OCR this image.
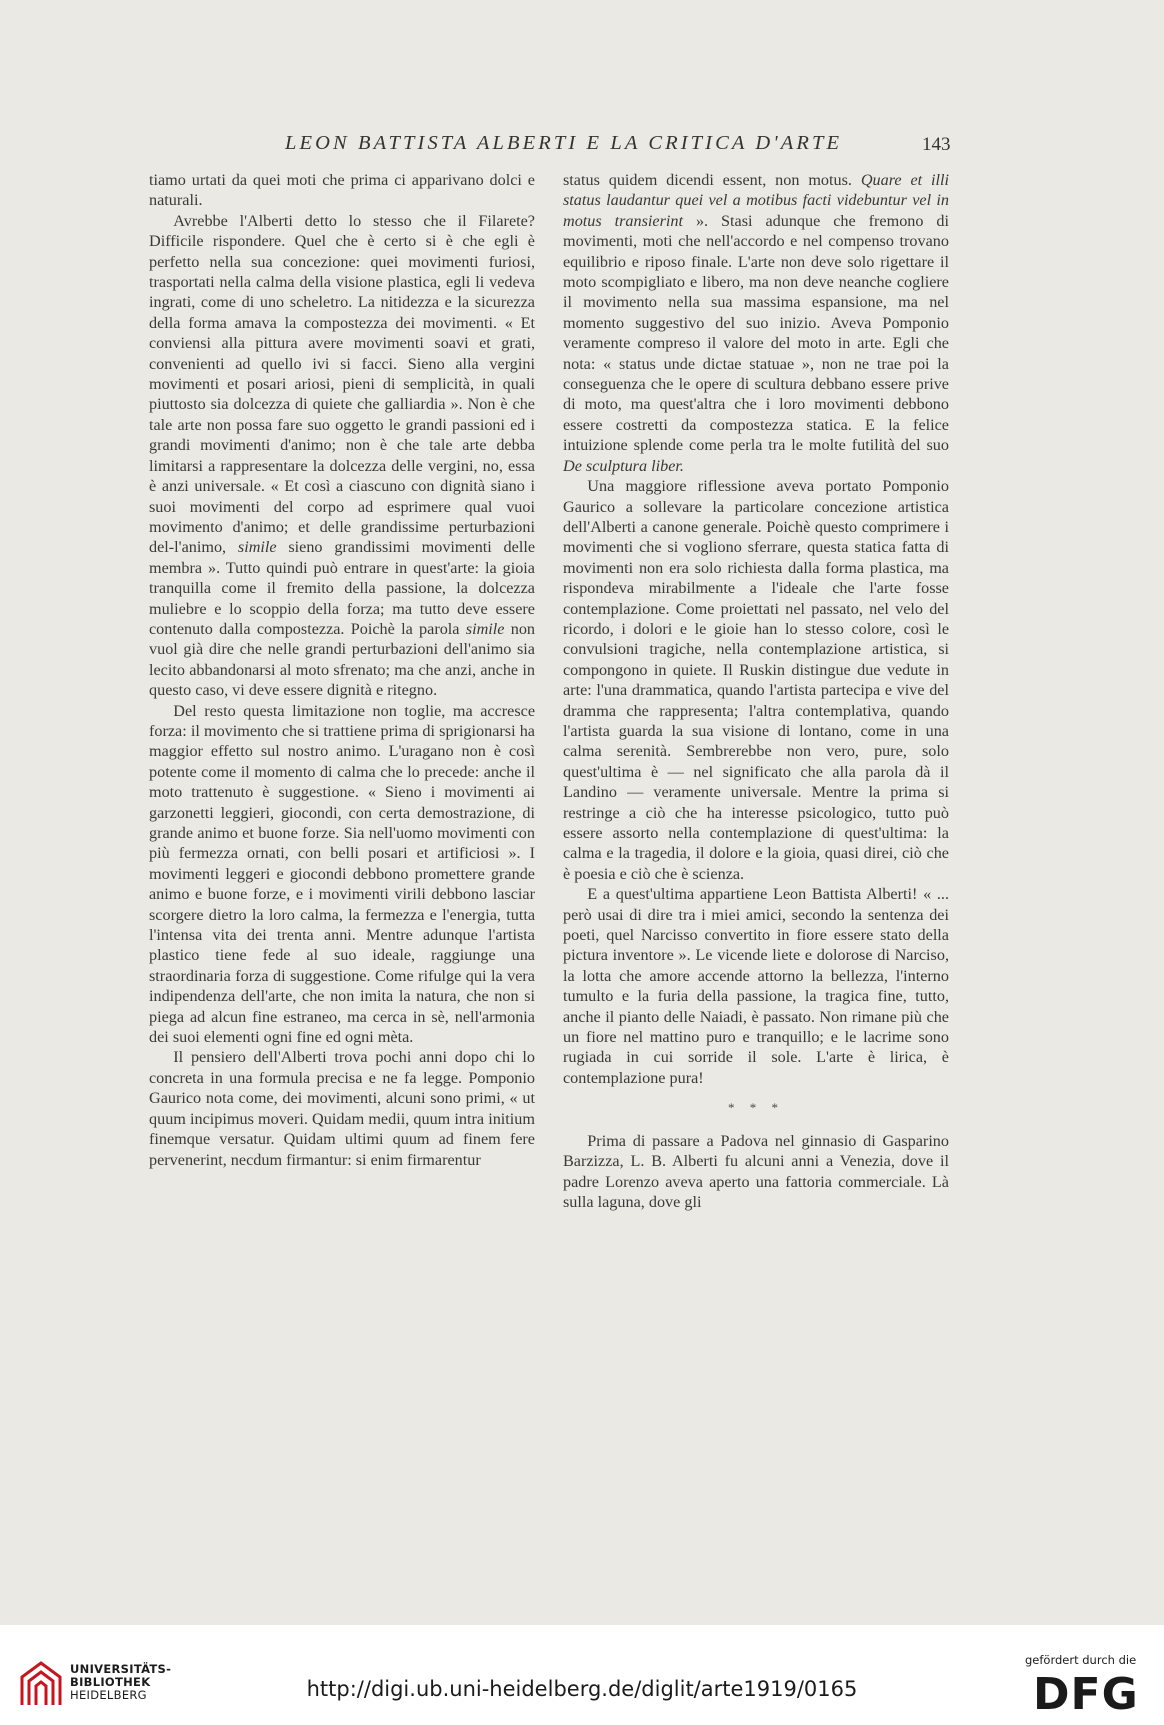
LEON BATTISTA ALBERTI E LA CRITICA D'ARTE	143

tiamo urtati da quei moti che prima ci apparivano dolci e naturali.

Avrebbe l'Alberti detto lo stesso che il Filarete? Difficile rispondere. Quel che è certo si è che egli è perfetto nella sua concezione: quei movimenti furiosi, trasportati nella calma della visione plastica, egli li vedeva ingrati, come di uno scheletro. La nitidezza e la sicurezza della forma amava la compostezza dei movimenti. « Et conviensi alla pittura avere movimenti soavi et grati, convenienti ad quello ivi si facci. Sieno alla vergini movimenti et posari ariosi, pieni di semplicità, in quali piuttosto sia dolcezza di quiete che galliardia ». Non è che tale arte non possa fare suo oggetto le grandi passioni ed i grandi movimenti d'animo; non è che tale arte debba limitarsi a rappresentare la dolcezza delle vergini, no, essa è anzi universale. « Et così a ciascuno con dignità siano i suoi movimenti del corpo ad esprimere qual vuoi movimento d'animo; et delle grandissime perturbazioni del-l'animo, simile sieno grandissimi movimenti delle membra ». Tutto quindi può entrare in quest'arte: la gioia tranquilla come il fremito della passione, la dolcezza muliebre e lo scoppio della forza; ma tutto deve essere contenuto dalla compostezza. Poichè la parola simile non vuol già dire che nelle grandi perturbazioni dell'animo sia lecito abbandonarsi al moto sfrenato; ma che anzi, anche in questo caso, vi deve essere dignità e ritegno.

Del resto questa limitazione non toglie, ma accresce forza: il movimento che si trattiene prima di sprigionarsi ha maggior effetto sul nostro animo. L'uragano non è così potente come il momento di calma che lo precede: anche il moto trattenuto è suggestione. « Sieno i movimenti ai garzonetti leggieri, giocondi, con certa demostrazione, di grande animo et buone forze. Sia nell'uomo movimenti con più fermezza ornati, con belli posari et artificiosi ». I movimenti leggeri e giocondi debbono promettere grande animo e buone forze, e i movimenti virili debbono lasciar scorgere dietro la loro calma, la fermezza e l'energia, tutta l'intensa vita dei trenta anni. Mentre adunque l'artista plastico tiene fede al suo ideale, raggiunge una straordinaria forza di suggestione. Come rifulge qui la vera indipendenza dell'arte, che non imita la natura, che non si piega ad alcun fine estraneo, ma cerca in sè, nell'armonia dei suoi elementi ogni fine ed ogni mèta.

Il pensiero dell'Alberti trova pochi anni dopo chi lo concreta in una formula precisa e ne fa legge. Pomponio Gaurico nota come, dei movimenti, alcuni sono primi, « ut quum incipimus moveri. Quidam medii, quum intra initium finemque versatur. Quidam ultimi quum ad finem fere pervenerint, necdum firmantur: si enim firmarentur

status quidem dicendi essent, non motus. Quare et illi status laudantur quei vel a motibus facti videbuntur vel in motus transierint ». Stasi adunque che fremono di movimenti, moti che nell'accordo e nel compenso trovano equilibrio e riposo finale. L'arte non deve solo rigettare il moto scompigliato e libero, ma non deve neanche cogliere il movimento nella sua massima espansione, ma nel momento suggestivo del suo inizio. Aveva Pomponio veramente compreso il valore del moto in arte. Egli che nota: « status unde dictae statuae », non ne trae poi la conseguenza che le opere di scultura debbano essere prive di moto, ma quest'altra che i loro movimenti debbono essere costretti da compostezza statica. E la felice intuizione splende come perla tra le molte futilità del suo De sculptura liber.

Una maggiore riflessione aveva portato Pomponio Gaurico a sollevare la particolare concezione artistica dell'Alberti a canone generale. Poichè questo comprimere i movimenti che si vogliono sferrare, questa statica fatta di movimenti non era solo richiesta dalla forma plastica, ma rispondeva mirabilmente a l'ideale che l'arte fosse contemplazione. Come proiettati nel passato, nel velo del ricordo, i dolori e le gioie han lo stesso colore, così le convulsioni tragiche, nella contemplazione artistica, si compongono in quiete. Il Ruskin distingue due vedute in arte: l'una drammatica, quando l'artista partecipa e vive del dramma che rappresenta; l'altra contemplativa, quando l'artista guarda la sua visione di lontano, come in una calma serenità. Sembrerebbe non vero, pure, solo quest'ultima è — nel significato che alla parola dà il Landino — veramente universale. Mentre la prima si restringe a ciò che ha interesse psicologico, tutto può essere assorto nella contemplazione di quest'ultima: la calma e la tragedia, il dolore e la gioia, quasi direi, ciò che è poesia e ciò che è scienza.

E a quest'ultima appartiene Leon Battista Alberti! « ... però usai di dire tra i miei amici, secondo la sentenza dei poeti, quel Narcisso convertito in fiore essere stato della pictura inventore ». Le vicende liete e dolorose di Narciso, la lotta che amore accende attorno la bellezza, l'interno tumulto e la furia della passione, la tragica fine, tutto, anche il pianto delle Naiadi, è passato. Non rimane più che un fiore nel mattino puro e tranquillo; e le lacrime sono rugiada in cui sorride il sole. L'arte è lirica, è contemplazione pura!

* * *

Prima di passare a Padova nel ginnasio di Gasparino Barzizza, L. B. Alberti fu alcuni anni a Venezia, dove il padre Lorenzo aveva aperto una fattoria commerciale. Là sulla laguna, dove gli

UNIVERSITÄTS-
BIBLIOTHEK
HEIDELBERG	http://digi.ub.uni-heidelberg.de/diglit/arte1919/0165
gefördert durch die
DFG
